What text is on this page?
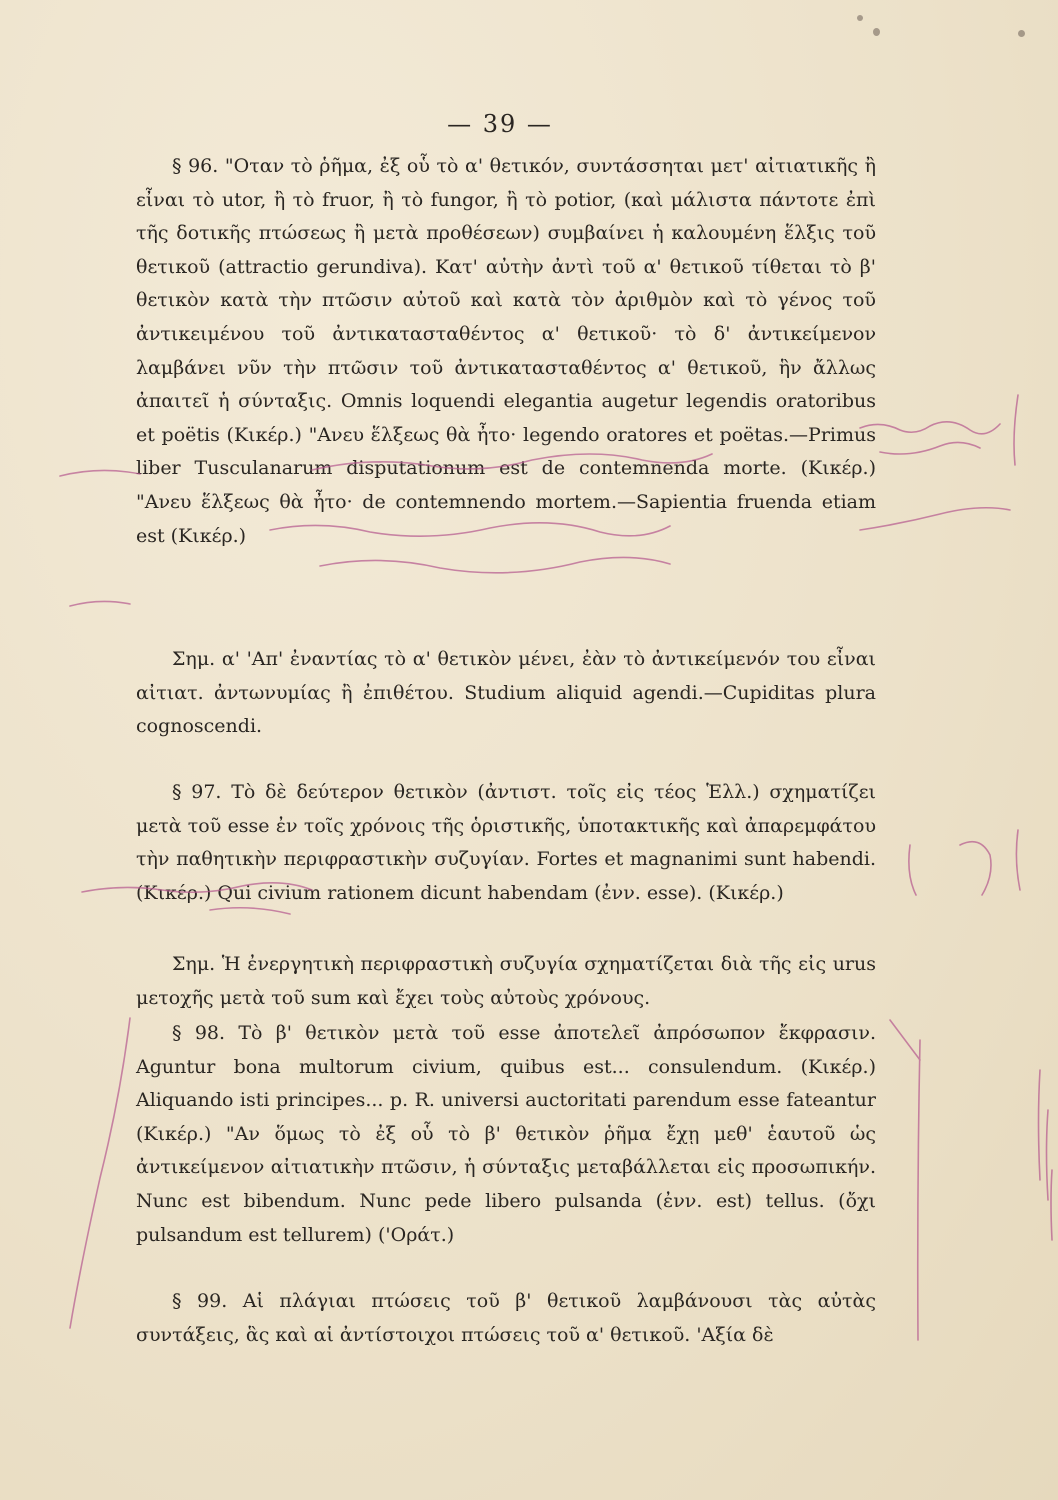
— 39 —

§ 96. "Οταν τὸ ῥῆμα, ἐξ οὗ τὸ α' θετικόν, συντάσσηται μετ' αἰτιατικῆς ἢ εἶναι τὸ utor, ἢ τὸ fruor, ἢ τὸ fungor, ἢ τὸ potior, (καὶ μάλιστα πάντοτε ἐπὶ τῆς δοτικῆς πτώσεως ἢ μετὰ προθέσεων) συμβαίνει ἡ καλουμένη ἕλξις τοῦ θετικοῦ (attractio gerundiva). Κατ' αὐτὴν ἀντὶ τοῦ α' θετικοῦ τίθεται τὸ β' θετικὸν κατὰ τὴν πτῶσιν αὐτοῦ καὶ κατὰ τὸν ἀριθμὸν καὶ τὸ γένος τοῦ ἀντικειμένου τοῦ ἀντικατασταθέντος α' θετικοῦ· τὸ δ' ἀντικείμενον λαμβάνει νῦν τὴν πτῶσιν τοῦ ἀντικατασταθέντος α' θετικοῦ, ἣν ἄλλως ἀπαιτεῖ ἡ σύνταξις. Omnis loquendi elegantia augetur legendis oratoribus et poëtis (Κικέρ.) "Ανευ ἕλξεως θὰ ἦτο· legendo oratores et poëtas.—Primus liber Tusculanarum disputationum est de contemnenda morte. (Κικέρ.) "Ανευ ἕλξεως θὰ ἦτο· de contemnendo mortem.—Sapientia fruenda etiam est (Κικέρ.)

Σημ. α' 'Απ' ἐναντίας τὸ α' θετικὸν μένει, ἐὰν τὸ ἀντικείμενόν του εἶναι αἰτιατ. ἀντωνυμίας ἢ ἐπιθέτου. Studium aliquid agendi.—Cupiditas plura cognoscendi.

§ 97. Τὸ δὲ δεύτερον θετικὸν (ἀντιστ. τοῖς εἰς τέος Ἑλλ.) σχηματίζει μετὰ τοῦ esse ἐν τοῖς χρόνοις τῆς ὁριστικῆς, ὑποτακτικῆς καὶ ἀπαρεμφάτου τὴν παθητικὴν περιφραστικὴν συζυγίαν. Fortes et magnanimi sunt habendi. (Κικέρ.) Qui civium rationem dicunt habendam (ἐνν. esse). (Κικέρ.)

Σημ. Ἡ ἐνεργητικὴ περιφραστικὴ συζυγία σχηματίζεται διὰ τῆς εἰς urus μετοχῆς μετὰ τοῦ sum καὶ ἔχει τοὺς αὐτοὺς χρόνους.

§ 98. Τὸ β' θετικὸν μετὰ τοῦ esse ἀποτελεῖ ἀπρόσωπον ἔκφρασιν. Aguntur bona multorum civium, quibus est... consulendum. (Κικέρ.) Aliquando isti principes... p. R. universi auctoritati parendum esse fateantur (Κικέρ.) "Αν ὅμως τὸ ἐξ οὗ τὸ β' θετικὸν ῥῆμα ἔχῃ μεθ' ἑαυτοῦ ὡς ἀντικείμενον αἰτιατικὴν πτῶσιν, ἡ σύνταξις μεταβάλλεται εἰς προσωπικήν. Nunc est bibendum. Nunc pede libero pulsanda (ἐνν. est) tellus. (ὄχι pulsandum est tellurem) ('Οράτ.)

§ 99. Αἱ πλάγιαι πτώσεις τοῦ β' θετικοῦ λαμβάνουσι τὰς αὐτὰς συντάξεις, ἃς καὶ αἱ ἀντίστοιχοι πτώσεις τοῦ α' θετικοῦ. 'Αξία δὲ
